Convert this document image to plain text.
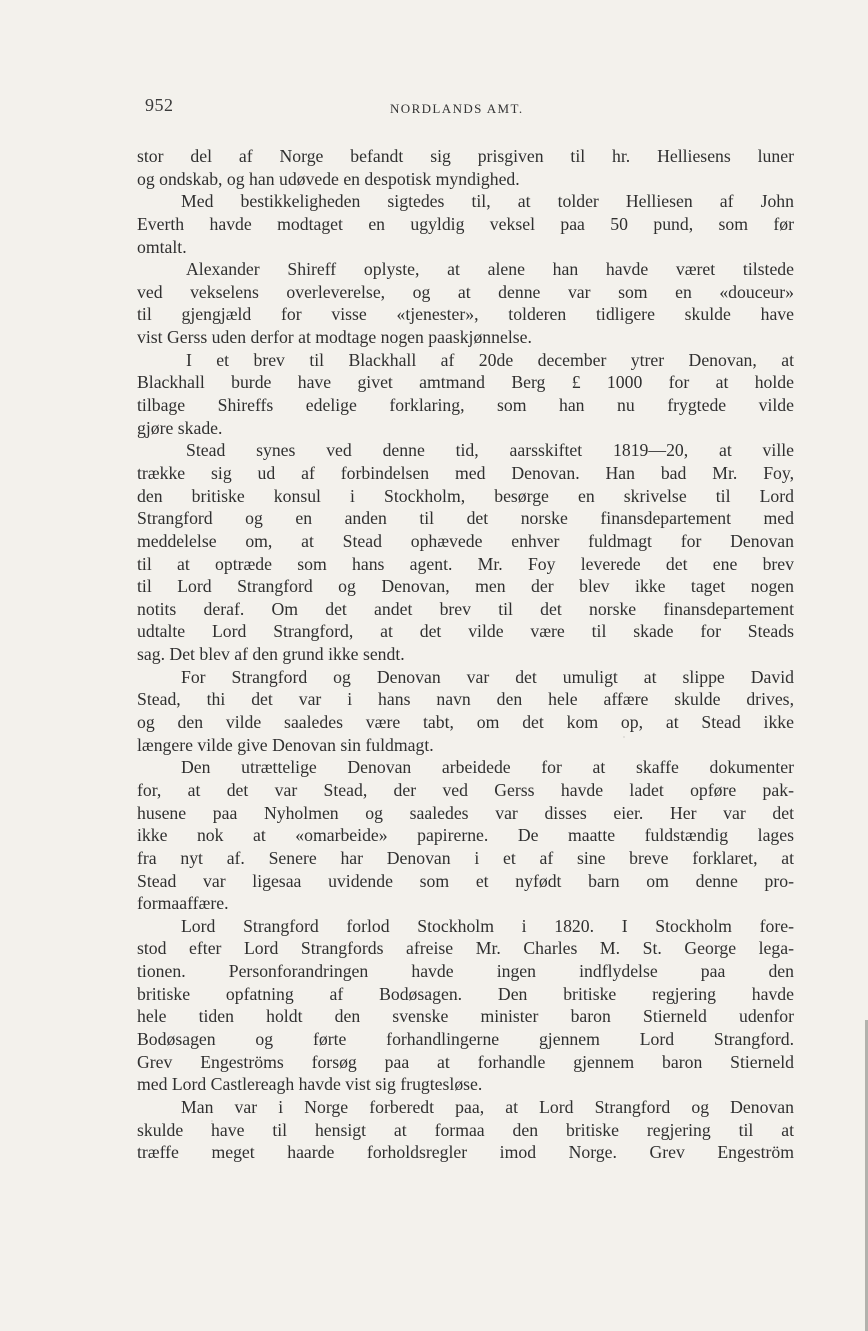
952	NORDLANDS AMT.
stor del af Norge befandt sig prisgiven til hr. Helliesens luner
og ondskab, og han udøvede en despotisk myndighed.
Med bestikkeligheden sigtedes til, at tolder Helliesen af John
Everth havde modtaget en ugyldig veksel paa 50 pund, som før
omtalt.
Alexander Shireff oplyste, at alene han havde været tilstede
ved vekselens overleverelse, og at denne var som en «douceur»
til gjengjæld for visse «tjenester», tolderen tidligere skulde have
vist Gerss uden derfor at modtage nogen paaskjønnelse.
I et brev til Blackhall af 20de december ytrer Denovan, at
Blackhall burde have givet amtmand Berg £ 1000 for at holde
tilbage Shireffs edelige forklaring, som han nu frygtede vilde
gjøre skade.
Stead synes ved denne tid, aarsskiftet 1819—20, at ville
trække sig ud af forbindelsen med Denovan. Han bad Mr. Foy,
den britiske konsul i Stockholm, besørge en skrivelse til Lord
Strangford og en anden til det norske finansdepartement med
meddelelse om, at Stead ophævede enhver fuldmagt for Denovan
til at optræde som hans agent. Mr. Foy leverede det ene brev
til Lord Strangford og Denovan, men der blev ikke taget nogen
notits deraf. Om det andet brev til det norske finansdepartement
udtalte Lord Strangford, at det vilde være til skade for Steads
sag. Det blev af den grund ikke sendt.
For Strangford og Denovan var det umuligt at slippe David
Stead, thi det var i hans navn den hele affære skulde drives,
og den vilde saaledes være tabt, om det kom op, at Stead ikke
længere vilde give Denovan sin fuldmagt.
Den utrættelige Denovan arbeidede for at skaffe dokumenter
for, at det var Stead, der ved Gerss havde ladet opføre pak-
husene paa Nyholmen og saaledes var disses eier. Her var det
ikke nok at «omarbeide» papirerne. De maatte fuldstændig lages
fra nyt af. Senere har Denovan i et af sine breve forklaret, at
Stead var ligesaa uvidende som et nyfødt barn om denne pro-
formaaffære.
Lord Strangford forlod Stockholm i 1820. I Stockholm fore-
stod efter Lord Strangfords afreise Mr. Charles M. St. George lega-
tionen. Personforandringen havde ingen indflydelse paa den
britiske opfatning af Bodøsagen. Den britiske regjering havde
hele tiden holdt den svenske minister baron Stierneld udenfor
Bodøsagen og førte forhandlingerne gjennem Lord Strangford.
Grev Engeströms forsøg paa at forhandle gjennem baron Stierneld
med Lord Castlereagh havde vist sig frugtesløse.
Man var i Norge forberedt paa, at Lord Strangford og Denovan
skulde have til hensigt at formaa den britiske regjering til at
træffe meget haarde forholdsregler imod Norge. Grev Engeström
